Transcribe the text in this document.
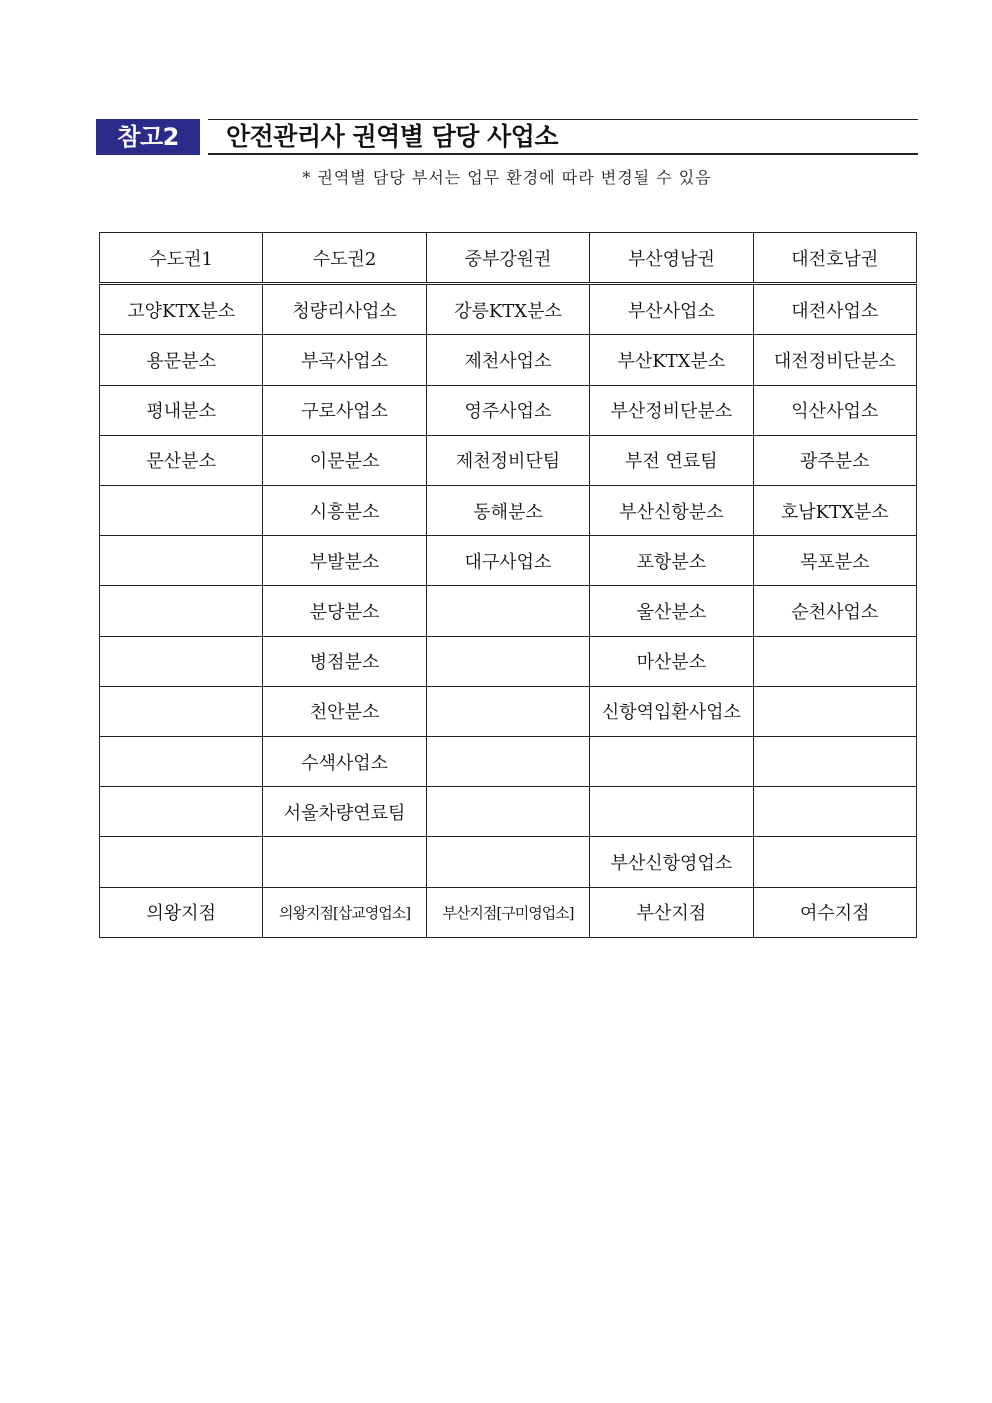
참고2	안전관리사 권역별 담당 사업소
* 권역별 담당 부서는 업무 환경에 따라 변경될 수 있음
수도권1	수도권2	중부강원권	부산영남권	대전호남권
고양KTX분소	청량리사업소	강릉KTX분소	부산사업소	대전사업소
용문분소	부곡사업소	제천사업소	부산KTX분소	대전정비단분소
평내분소	구로사업소	영주사업소	부산정비단분소	익산사업소
문산분소	이문분소	제천정비단팀	부전 연료팀	광주분소
	시흥분소	동해분소	부산신항분소	호남KTX분소
	부발분소	대구사업소	포항분소	목포분소
	분당분소		울산분소	순천사업소
	병점분소		마산분소	
	천안분소		신항역입환사업소	
	수색사업소			
	서울차량연료팀			
			부산신항영업소	
의왕지점	의왕지점[삽교영업소]	부산지점[구미영업소]	부산지점	여수지점
